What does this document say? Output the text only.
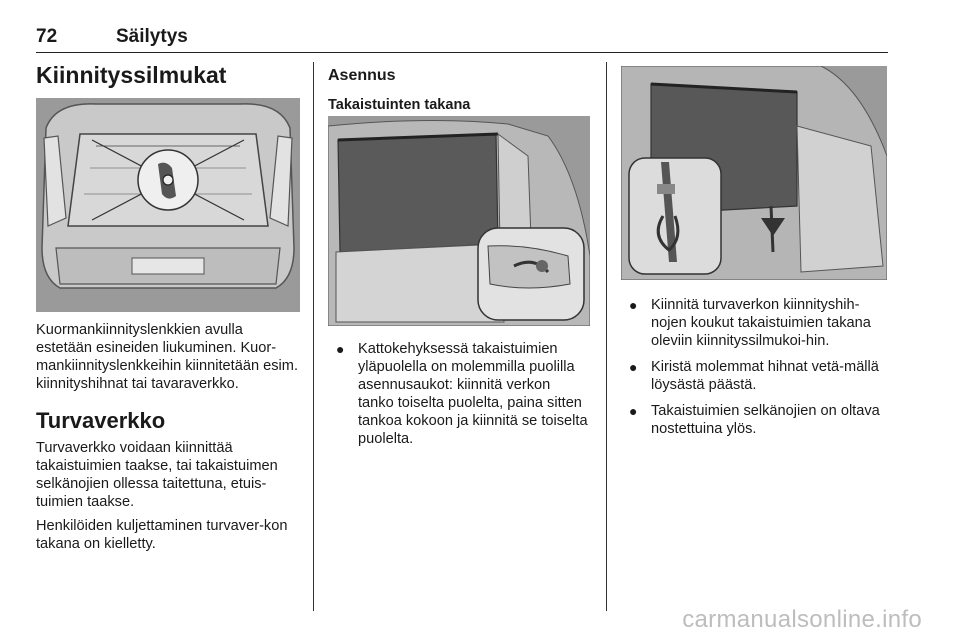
72	Säilytys
Kiinnityssilmukat

Kuormankiinnityslenkkien avulla estetään esineiden liukuminen. Kuor-mankiinnityslenkkeihin kiinnitetään esim. kiinnityshihnat tai tavaraverkko.

Turvaverkko

Turvaverkko voidaan kiinnittää takaistuimien taakse, tai takaistuimen selkänojien ollessa taitettuna, etuis-tuimien taakse.

Henkilöiden kuljettaminen turvaver-kon takana on kielletty.

Asennus
Takaistuinten takana
● Kattokehyksessä takaistuimien yläpuolella on molemmilla puolilla asennusaukot: kiinnitä verkon tanko toiselta puolelta, paina sitten tankoa kokoon ja kiinnitä se toiselta puolelta.
● Kiinnitä turvaverkon kiinnityshih-nojen koukut takaistuimien takana oleviin kiinnityssilmukoi-hin.
● Kiristä molemmat hihnat vetä-mällä löysästä päästä.
● Takaistuimien selkänojien on oltava nostettuina ylös.
carmanualsonline.info
